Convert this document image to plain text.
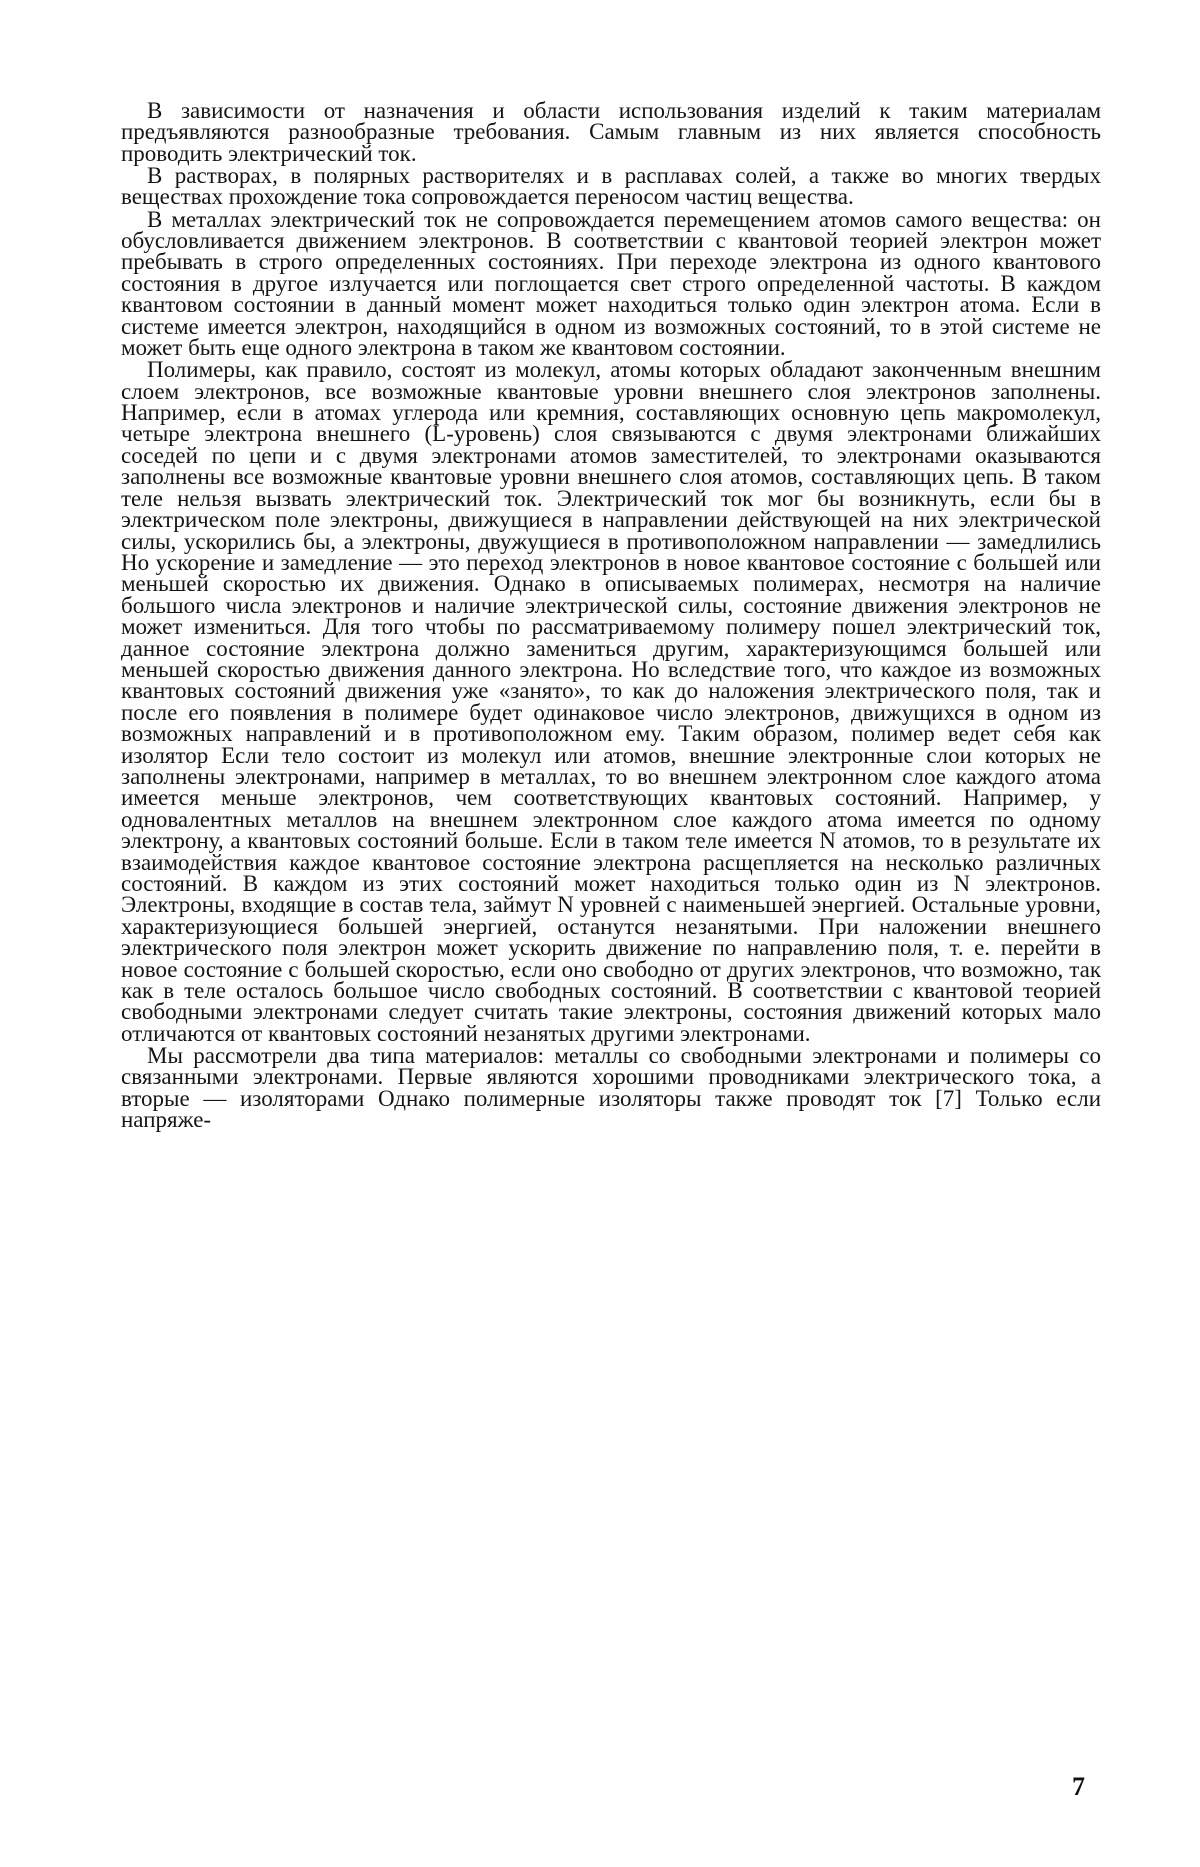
В зависимости от назначения и области использования изделий к таким материалам предъявляются разнообразные требования. Самым главным из них является способность проводить электрический ток.

В растворах, в полярных растворителях и в расплавах солей, а также во многих твердых веществах прохождение тока сопровождается переносом частиц вещества.

В металлах электрический ток не сопровождается перемещением атомов самого вещества: он обусловливается движением электронов. В соответствии с квантовой теорией электрон может пребывать в строго определенных состояниях. При переходе электрона из одного квантового состояния в другое излучается или поглощается свет строго определенной частоты. В каждом квантовом состоянии в данный момент может находиться только один электрон атома. Если в системе имеется электрон, находящийся в одном из возможных состояний, то в этой системе не может быть еще одного электрона в таком же квантовом состоянии.

Полимеры, как правило, состоят из молекул, атомы которых обладают законченным внешним слоем электронов, все возможные квантовые уровни внешнего слоя электронов заполнены. Например, если в атомах углерода или кремния, составляющих основную цепь макромолекул, четыре электрона внешнего (L-уровень) слоя связываются с двумя электронами ближайших соседей по цепи и с двумя электронами атомов заместителей, то электронами оказываются заполнены все возможные квантовые уровни внешнего слоя атомов, составляющих цепь. В таком теле нельзя вызвать электрический ток. Электрический ток мог бы возникнуть, если бы в электрическом поле электроны, движущиеся в направлении действующей на них электрической силы, ускорились бы, а электроны, двужущиеся в противоположном направлении — замедлились Но ускорение и замедление — это переход электронов в новое квантовое состояние с большей или меньшей скоростью их движения. Однако в описываемых полимерах, несмотря на наличие большого числа электронов и наличие электрической силы, состояние движения электронов не может измениться. Для того чтобы по рассматриваемому полимеру пошел электрический ток, данное состояние электрона должно замениться другим, характеризующимся большей или меньшей скоростью движения данного электрона. Но вследствие того, что каждое из возможных квантовых состояний движения уже «занято», то как до наложения электрического поля, так и после его появления в полимере будет одинаковое число электронов, движущихся в одном из возможных направлений и в противоположном ему. Таким образом, полимер ведет себя как изолятор Если тело состоит из молекул или атомов, внешние электронные слои которых не заполнены электронами, например в металлах, то во внешнем электронном слое каждого атома имеется меньше электронов, чем соответствующих квантовых состояний. Например, у одновалентных металлов на внешнем электронном слое каждого атома имеется по одному электрону, а квантовых состояний больше. Если в таком теле имеется N атомов, то в результате их взаимодействия каждое квантовое состояние электрона расщепляется на несколько различных состояний. В каждом из этих состояний может находиться только один из N электронов. Электроны, входящие в состав тела, займут N уровней с наименьшей энергией. Остальные уровни, характеризующиеся большей энергией, останутся незанятыми. При наложении внешнего электрического поля электрон может ускорить движение по направлению поля, т. е. перейти в новое состояние с большей скоростью, если оно свободно от других электронов, что возможно, так как в теле осталось большое число свободных состояний. В соответствии с квантовой теорией свободными электронами следует считать такие электроны, состояния движений которых мало отличаются от квантовых состояний незанятых другими электронами.

Мы рассмотрели два типа материалов: металлы со свободными электронами и полимеры со связанными электронами. Первые являются хорошими проводниками электрического тока, а вторые — изоляторами Однако полимерные изоляторы также проводят ток [7] Только если напряже-

7
